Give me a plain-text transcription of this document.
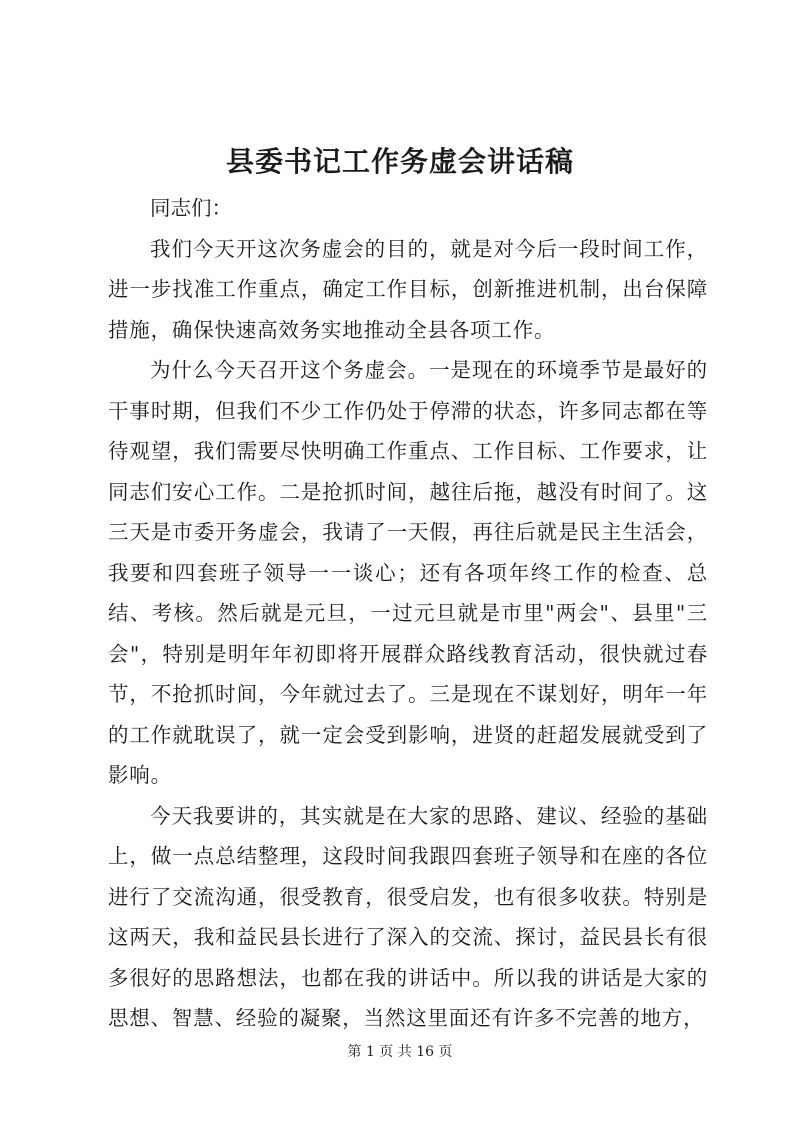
县委书记工作务虚会讲话稿

同志们：

我们今天开这次务虚会的目的，就是对今后一段时间工作，进一步找准工作重点，确定工作目标，创新推进机制，出台保障措施，确保快速高效务实地推动全县各项工作。

为什么今天召开这个务虚会。一是现在的环境季节是最好的干事时期，但我们不少工作仍处于停滞的状态，许多同志都在等待观望，我们需要尽快明确工作重点、工作目标、工作要求，让同志们安心工作。二是抢抓时间，越往后拖，越没有时间了。这三天是市委开务虚会，我请了一天假，再往后就是民主生活会，我要和四套班子领导一一谈心；还有各项年终工作的检查、总结、考核。然后就是元旦，一过元旦就是市里"两会"、县里"三会"，特别是明年年初即将开展群众路线教育活动，很快就过春节，不抢抓时间，今年就过去了。三是现在不谋划好，明年一年的工作就耽误了，就一定会受到影响，进贤的赶超发展就受到了影响。

今天我要讲的，其实就是在大家的思路、建议、经验的基础上，做一点总结整理，这段时间我跟四套班子领导和在座的各位进行了交流沟通，很受教育，很受启发，也有很多收获。特别是这两天，我和益民县长进行了深入的交流、探讨，益民县长有很多很好的思路想法，也都在我的讲话中。所以我的讲话是大家的思想、智慧、经验的凝聚，当然这里面还有许多不完善的地方，

第 1 页 共 16 页
